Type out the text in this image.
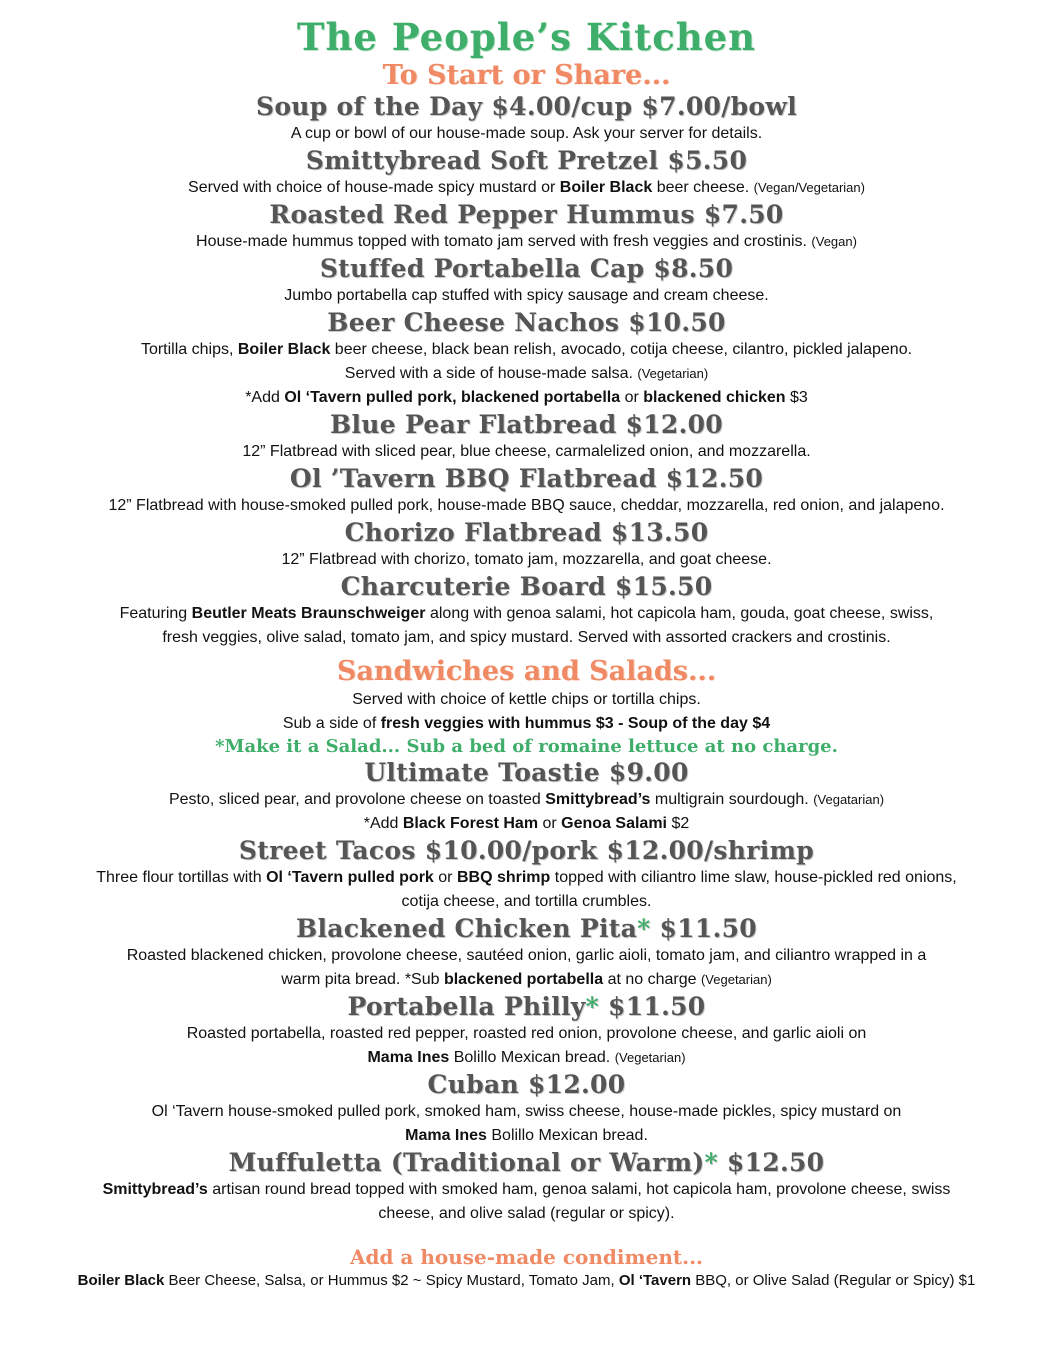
The People’s Kitchen
To Start or Share...
Soup of the Day $4.00/cup $7.00/bowl
A cup or bowl of our house-made soup. Ask your server for details.
Smittybread Soft Pretzel $5.50
Served with choice of house-made spicy mustard or Boiler Black beer cheese. (Vegan/Vegetarian)
Roasted Red Pepper Hummus $7.50
House-made hummus topped with tomato jam served with fresh veggies and crostinis. (Vegan)
Stuffed Portabella Cap $8.50
Jumbo portabella cap stuffed with spicy sausage and cream cheese.
Beer Cheese Nachos $10.50
Tortilla chips, Boiler Black beer cheese, black bean relish, avocado, cotija cheese, cilantro, pickled jalapeno.
Served with a side of house-made salsa. (Vegetarian)
*Add Ol ‘Tavern pulled pork, blackened portabella or blackened chicken $3
Blue Pear Flatbread $12.00
12” Flatbread with sliced pear, blue cheese, carmalelized onion, and mozzarella.
Ol ’Tavern BBQ Flatbread $12.50
12” Flatbread with house-smoked pulled pork, house-made BBQ sauce, cheddar, mozzarella, red onion, and jalapeno.
Chorizo Flatbread $13.50
12” Flatbread with chorizo, tomato jam, mozzarella, and goat cheese.
Charcuterie Board $15.50
Featuring Beutler Meats Braunschweiger along with genoa salami, hot capicola ham, gouda, goat cheese, swiss,
fresh veggies, olive salad, tomato jam, and spicy mustard. Served with assorted crackers and crostinis.
Sandwiches and Salads...
Served with choice of kettle chips or tortilla chips.
Sub a side of fresh veggies with hummus $3 - Soup of the day $4
*Make it a Salad... Sub a bed of romaine lettuce at no charge.
Ultimate Toastie $9.00
Pesto, sliced pear, and provolone cheese on toasted Smittybread’s multigrain sourdough. (Vegatarian)
*Add Black Forest Ham or Genoa Salami $2
Street Tacos $10.00/pork $12.00/shrimp
Three flour tortillas with Ol ‘Tavern pulled pork or BBQ shrimp topped with ciliantro lime slaw, house-pickled red onions,
cotija cheese, and tortilla crumbles.
Blackened Chicken Pita* $11.50
Roasted blackened chicken, provolone cheese, sautéed onion, garlic aioli, tomato jam, and ciliantro wrapped in a
warm pita bread. *Sub blackened portabella at no charge (Vegetarian)
Portabella Philly* $11.50
Roasted portabella, roasted red pepper, roasted red onion, provolone cheese, and garlic aioli on
Mama Ines Bolillo Mexican bread. (Vegetarian)
Cuban $12.00
Ol ‘Tavern house-smoked pulled pork, smoked ham, swiss cheese, house-made pickles, spicy mustard on
Mama Ines Bolillo Mexican bread.
Muffuletta (Traditional or Warm)* $12.50
Smittybread’s artisan round bread topped with smoked ham, genoa salami, hot capicola ham, provolone cheese, swiss
cheese, and olive salad (regular or spicy).
Add a house-made condiment...
Boiler Black Beer Cheese, Salsa, or Hummus $2 ~ Spicy Mustard, Tomato Jam, Ol ‘Tavern BBQ, or Olive Salad (Regular or Spicy) $1
